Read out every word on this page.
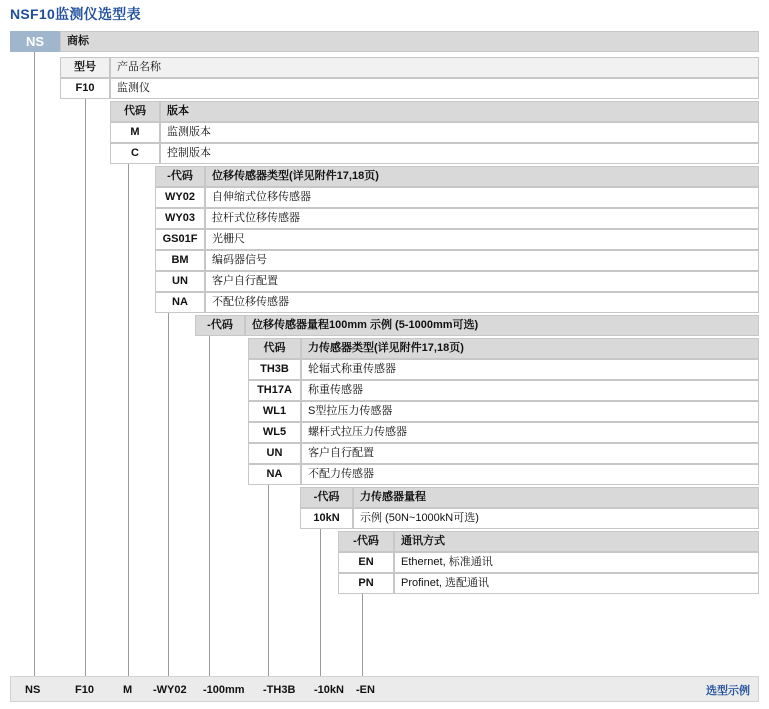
NSF10监测仪选型表
NS	商标
型号	产品名称
F10	监测仪
代码	版本
M	监测版本
C	控制版本
-代码	位移传感器类型(详见附件17,18页)
WY02	自伸缩式位移传感器
WY03	拉杆式位移传感器
GS01F	光栅尺
BM	编码器信号
UN	客户自行配置
NA	不配位移传感器
-代码	位移传感器量程100mm 示例 (5-1000mm可选)
代码	力传感器类型(详见附件17,18页)
TH3B	轮辐式称重传感器
TH17A	称重传感器
WL1	S型拉压力传感器
WL5	螺杆式拉压力传感器
UN	客户自行配置
NA	不配力传感器
-代码	力传感器量程
10kN	示例 (50N~1000kN可选)
-代码	通讯方式
EN	Ethernet, 标准通讯
PN	Profinet, 选配通讯
NS	F10	M -WY02 -100mm -TH3B -10kN -EN	选型示例
